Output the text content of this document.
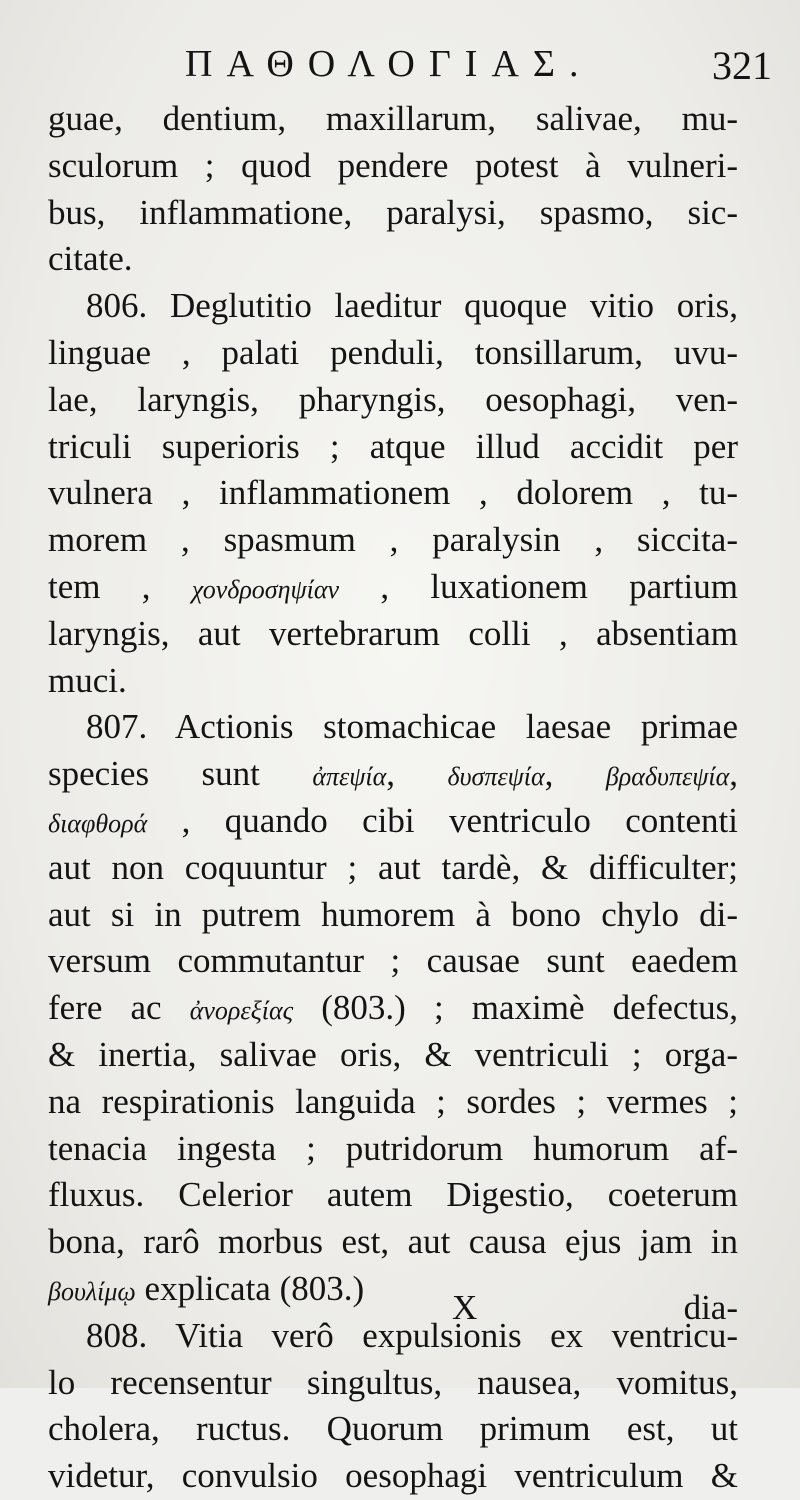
ΠΑΘΟΛΟΓΙΑΣ.	321
guae, dentium, maxillarum, salivae, mu-
sculorum ; quod pendere potest à vulneri-
bus, inflammatione, paralysi, spasmo, sic-
citate.
806. Deglutitio laeditur quoque vitio oris,
linguae , palati penduli, tonsillarum, uvu-
lae, laryngis, pharyngis, oesophagi, ven-
triculi superioris ; atque illud accidit per
vulnera , inflammationem , dolorem , tu-
morem , spasmum , paralysin , siccita-
tem , χονδροσηψίαν , luxationem partium
laryngis, aut vertebrarum colli , absentiam
muci.
807. Actionis stomachicae laesae primae
species sunt ἀπεψία, δυσπεψία, βραδυπεψία,
διαφθορά , quando cibi ventriculo contenti
aut non coquuntur ; aut tardè, & difficulter;
aut si in putrem humorem à bono chylo di-
versum commutantur ; causae sunt eaedem
fere ac ἀνορεξίας (803.) ; maximè defectus,
& inertia, salivae oris, & ventriculi ; orga-
na respirationis languida ; sordes ; vermes ;
tenacia ingesta ; putridorum humorum af-
fluxus. Celerior autem Digestio, coeterum
bona, rarô morbus est, aut causa ejus jam in
βουλίμῳ explicata (803.)
808. Vitia verô expulsionis ex ventricu-
lo recensentur singultus, nausea, vomitus,
cholera, ructus. Quorum primum est, ut
videtur, convulsio oesophagi ventriculum &
X	dia-
